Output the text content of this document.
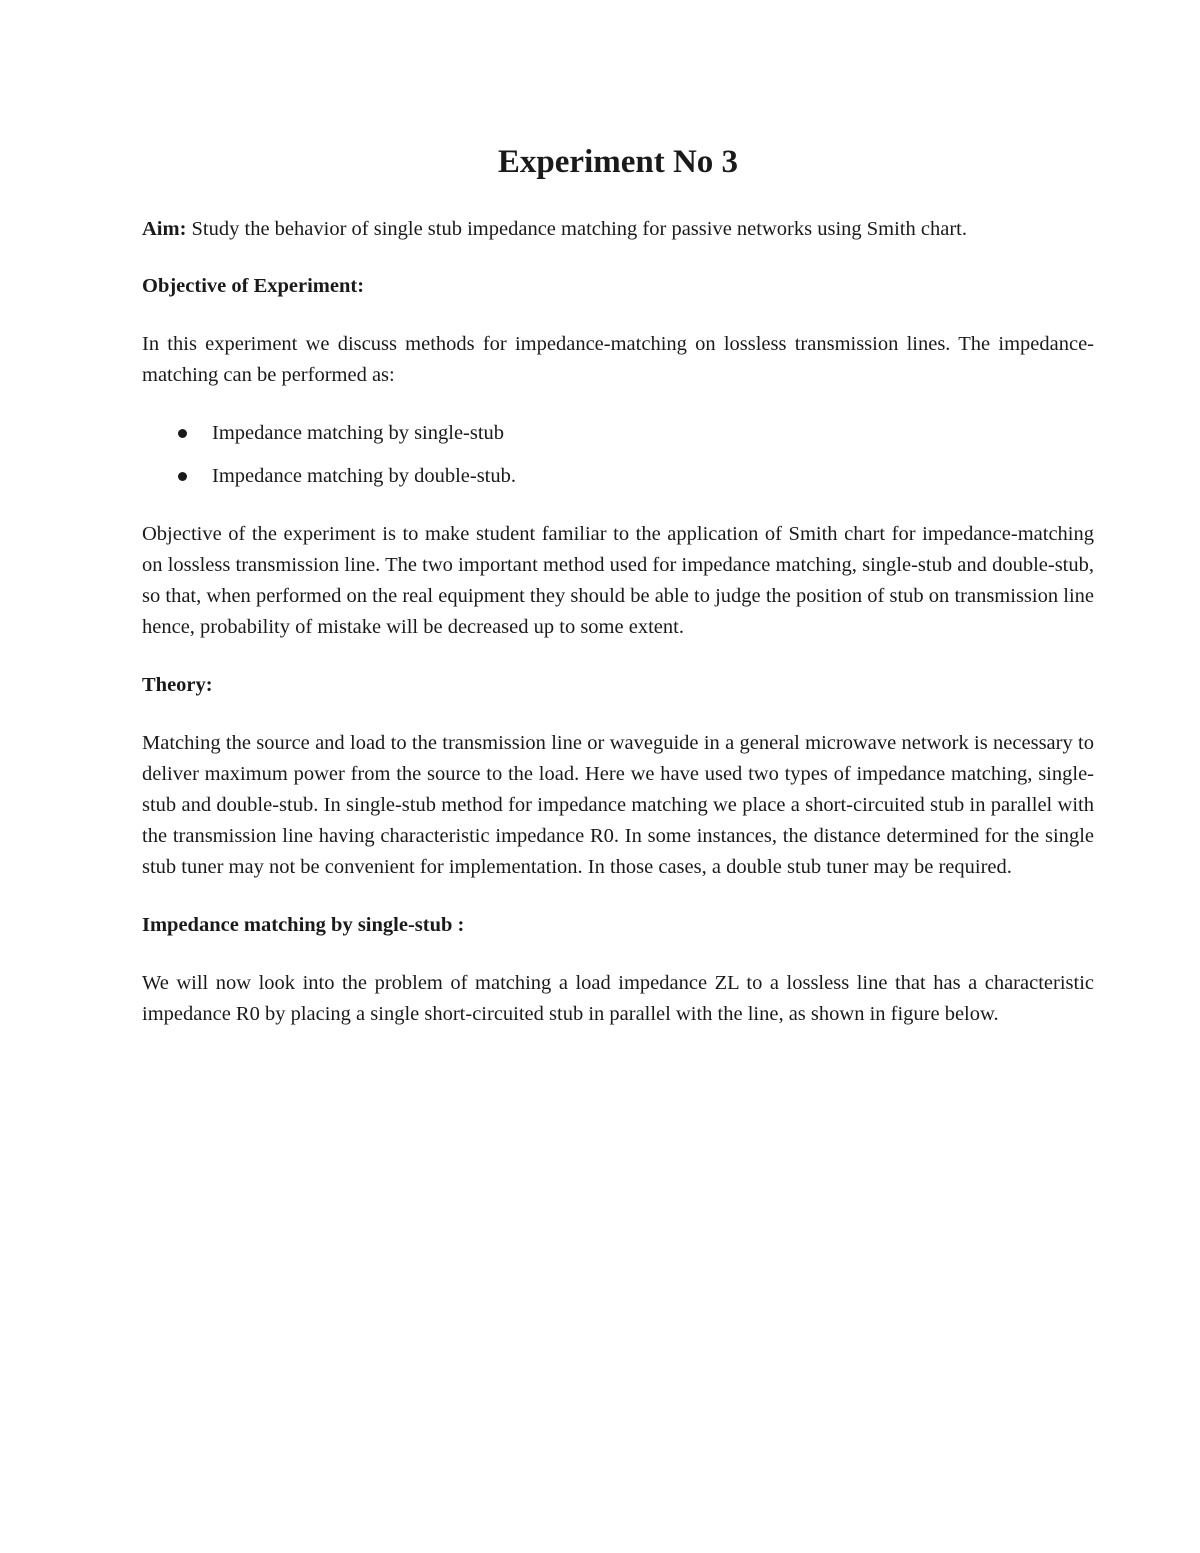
Experiment No 3

Aim: Study the behavior of single stub impedance matching for passive networks using Smith chart.

Objective of Experiment:

In this experiment we discuss methods for impedance-matching on lossless transmission lines. The impedance-matching can be performed as:

Impedance matching by single-stub
Impedance matching by double-stub.

Objective of the experiment is to make student familiar to the application of Smith chart for impedance-matching on lossless transmission line. The two important method used for impedance matching, single-stub and double-stub, so that, when performed on the real equipment they should be able to judge the position of stub on transmission line hence, probability of mistake will be decreased up to some extent.

Theory:

Matching the source and load to the transmission line or waveguide in a general microwave network is necessary to deliver maximum power from the source to the load. Here we have used two types of impedance matching, single-stub and double-stub. In single-stub method for impedance matching we place a short-circuited stub in parallel with the transmission line having characteristic impedance R0. In some instances, the distance determined for the single stub tuner may not be convenient for implementation. In those cases, a double stub tuner may be required.

Impedance matching by single-stub :

We will now look into the problem of matching a load impedance ZL to a lossless line that has a characteristic impedance R0 by placing a single short-circuited stub in parallel with the line, as shown in figure below.
